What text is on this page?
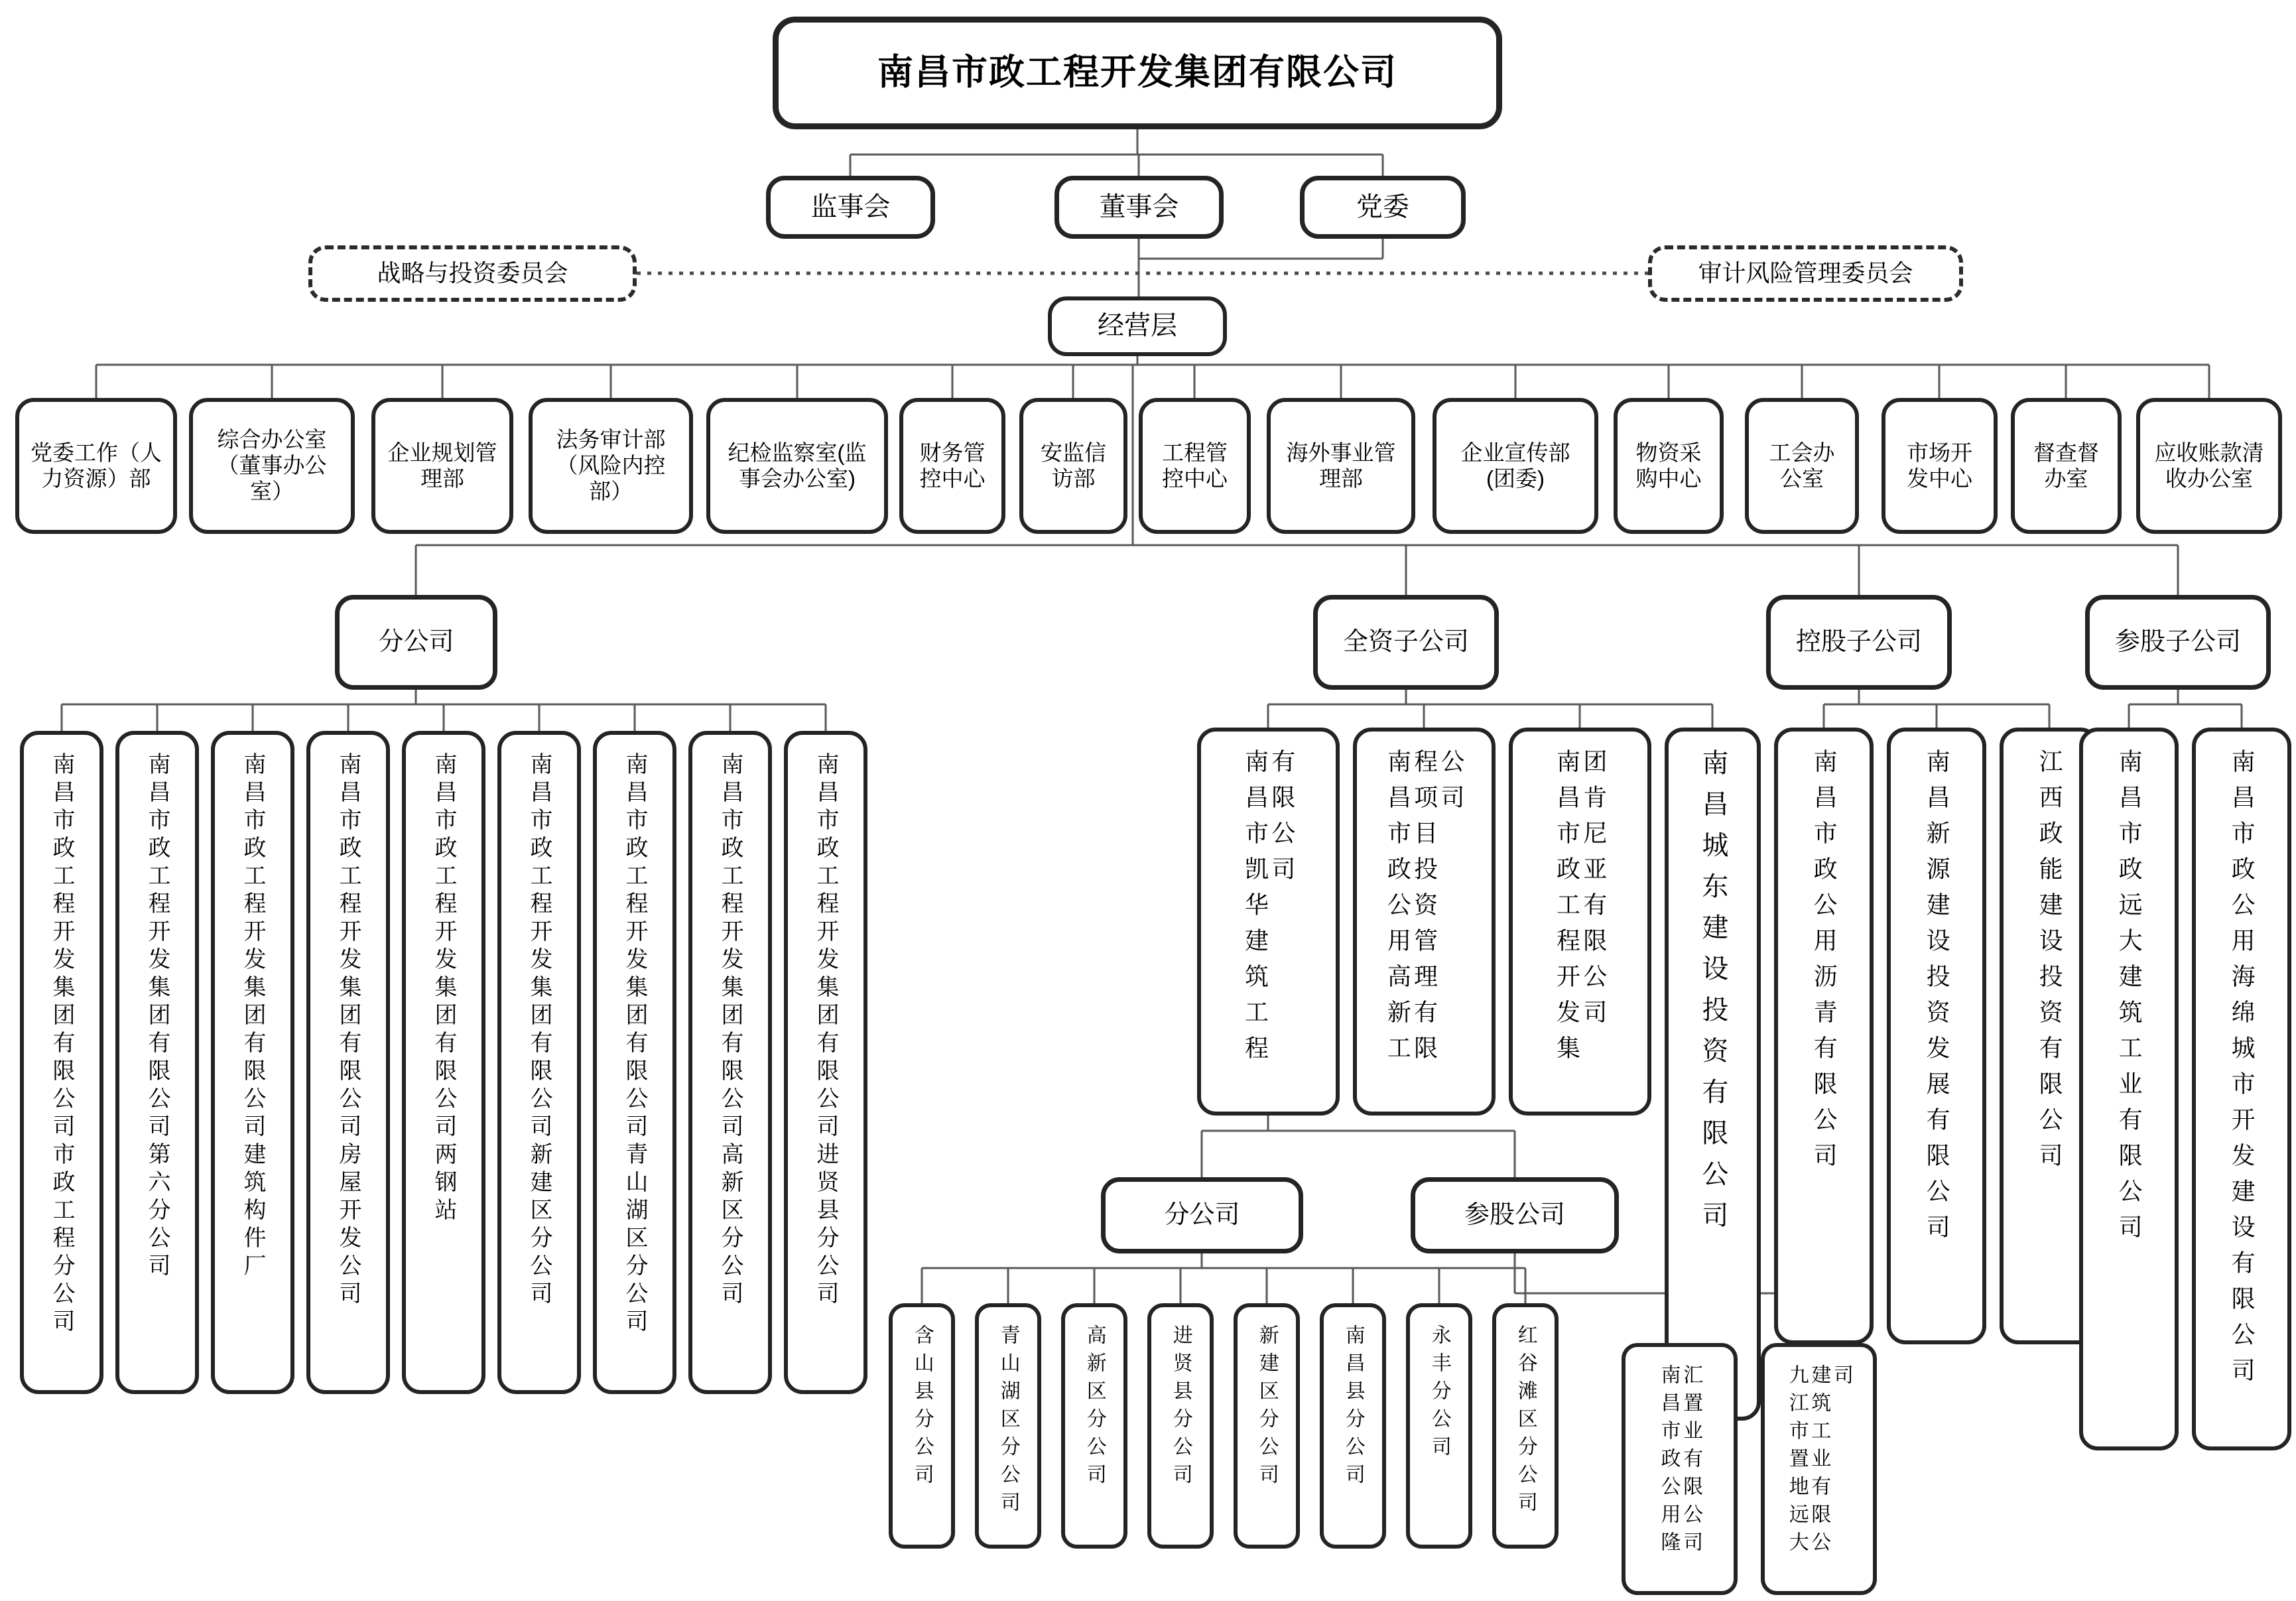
南昌市政工程开发集团有限公司
监事会	董事会	党委
战略与投资委员会	审计风险管理委员会
经营层
党委工作（人力资源）部
综合办公室（董事办公室）
企业规划管理部
法务审计部（风险内控部）
纪检监察室(监事会办公室)
财务管控中心
安监信访部
工程管控中心
海外事业管理部
企业宣传部(团委)
物资采购中心
工会办公室
市场开发中心
督查督办室
应收账款清收办公室
分公司	全资子公司	控股子公司	参股子公司
南昌市政工程开发集团有限公司市政工程分公司	南昌市政工程开发集团有限公司第六分公司	南昌市政工程开发集团有限公司建筑构件厂	南昌市政工程开发集团有限公司房屋开发公司	南昌市政工程开发集团有限公司两钢站	南昌市政工程开发集团有限公司新建区分公司	南昌市政工程开发集团有限公司青山湖区分公司	南昌市政工程开发集团有限公司高新区分公司	南昌市政工程开发集团有限公司进贤县分公司	南昌市凯华建筑工程有限公司	南昌市政公用高新工程项目投资管理有限公司	南昌市政工程开发集团肯尼亚有限公司	南昌城东建设投资有限公司	南昌市政公用沥青有限公司	南昌新源建设投资发展有限公司	江西政能建设投资有限公司 南昌市政远大建筑工业有限公司	南昌市政公用海绵城市开发建设有限公司
分公司	参股公司
含山县分公司	青山湖区分公司	高新区分公司	进贤县分公司	新建区分公司	南昌县分公司	永丰分公司	红谷滩区分公司	南昌市政公用隆汇置业有限公司	九江市置地远大建筑工业有限公司
